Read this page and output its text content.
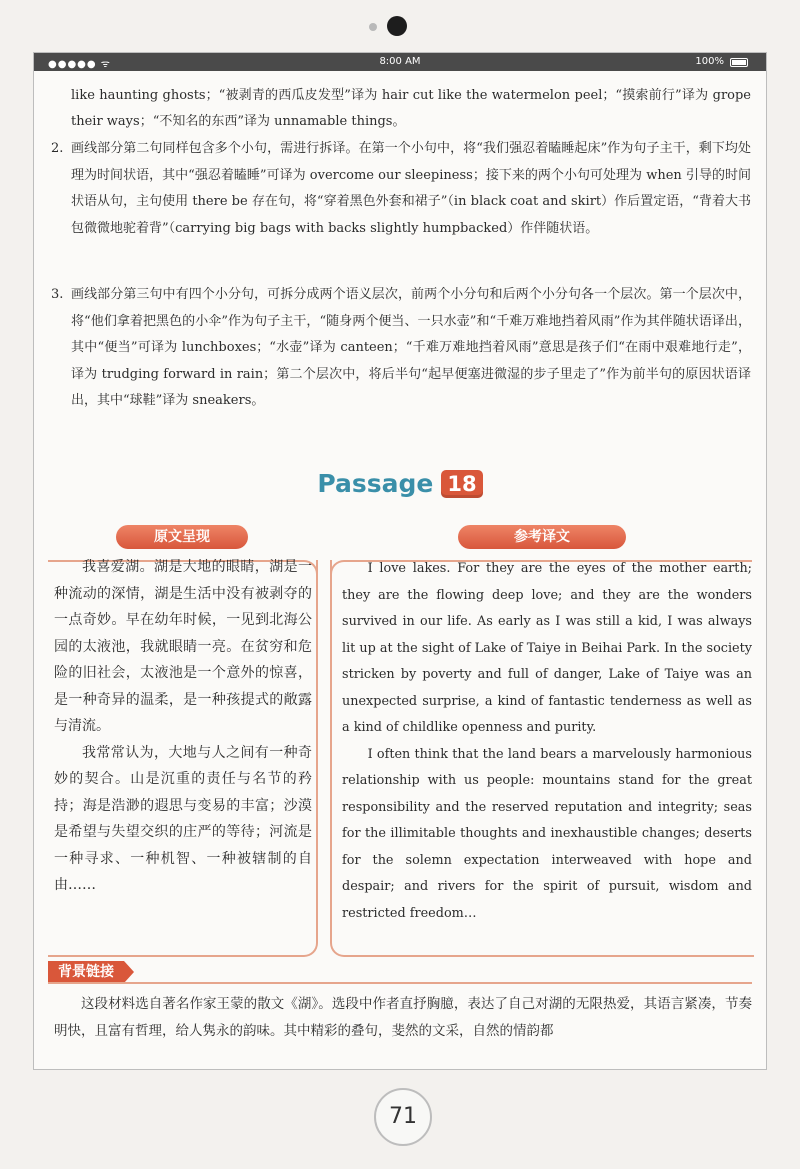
●●●●● ᯤ	8:00 AM	100%
like haunting ghosts；“被剥青的西瓜皮发型”译为 hair cut like the watermelon peel；“摸索前行”译为 grope their ways；“不知名的东西”译为 unnamable things。
2. 画线部分第二句同样包含多个小句，需进行拆译。在第一个小句中，将“我们强忍着瞌睡起床”作为句子主干，剩下均处理为时间状语，其中“强忍着瞌睡”可译为 overcome our sleepiness；接下来的两个小句可处理为 when 引导的时间状语从句，主句使用 there be 存在句，将“穿着黑色外套和裙子”（in black coat and skirt）作后置定语，“背着大书包微微地驼着背”（carrying big bags with backs slightly humpbacked）作伴随状语。
3. 画线部分第三句中有四个小分句，可拆分成两个语义层次，前两个小分句和后两个小分句各一个层次。第一个层次中，将“他们拿着把黑色的小伞”作为句子主干，“随身两个便当、一只水壶”和“千难万难地挡着风雨”作为其伴随状语译出，其中“便当”可译为 lunchboxes；“水壶”译为 canteen；“千难万难地挡着风雨”意思是孩子们“在雨中艰难地行走”，译为 trudging forward in rain；第二个层次中，将后半句“起早便塞进微湿的步子里走了”作为前半句的原因状语译出，其中“球鞋”译为 sneakers。
Passage 18
原文呈现	参考译文

我喜爱湖。湖是大地的眼睛，湖是一种流动的深情，湖是生活中没有被剥夺的一点奇妙。早在幼年时候，一见到北海公园的太液池，我就眼睛一亮。在贫穷和危险的旧社会，太液池是一个意外的惊喜，是一种奇异的温柔，是一种孩提式的敞露与清流。

我常常认为，大地与人之间有一种奇妙的契合。山是沉重的责任与名节的矜持；海是浩渺的遐思与变易的丰富；沙漠是希望与失望交织的庄严的等待；河流是一种寻求、一种机智、一种被辖制的自由……

I love lakes. For they are the eyes of the mother earth; they are the flowing deep love; and they are the wonders survived in our life. As early as I was still a kid, I was always lit up at the sight of Lake of Taiye in Beihai Park. In the society stricken by poverty and full of danger, Lake of Taiye was an unexpected surprise, a kind of fantastic tenderness as well as a kind of childlike openness and purity.

I often think that the land bears a marvelously harmonious relationship with us people: mountains stand for the great responsibility and the reserved reputation and integrity; seas for the illimitable thoughts and inexhaustible changes; deserts for the solemn expectation interweaved with hope and despair; and rivers for the spirit of pursuit, wisdom and restricted freedom…

背景链接

这段材料选自著名作家王蒙的散文《湖》。选段中作者直抒胸臆，表达了自己对湖的无限热爱，其语言紧凑，节奏明快，且富有哲理，给人隽永的韵味。其中精彩的叠句，斐然的文采，自然的情韵都

71
